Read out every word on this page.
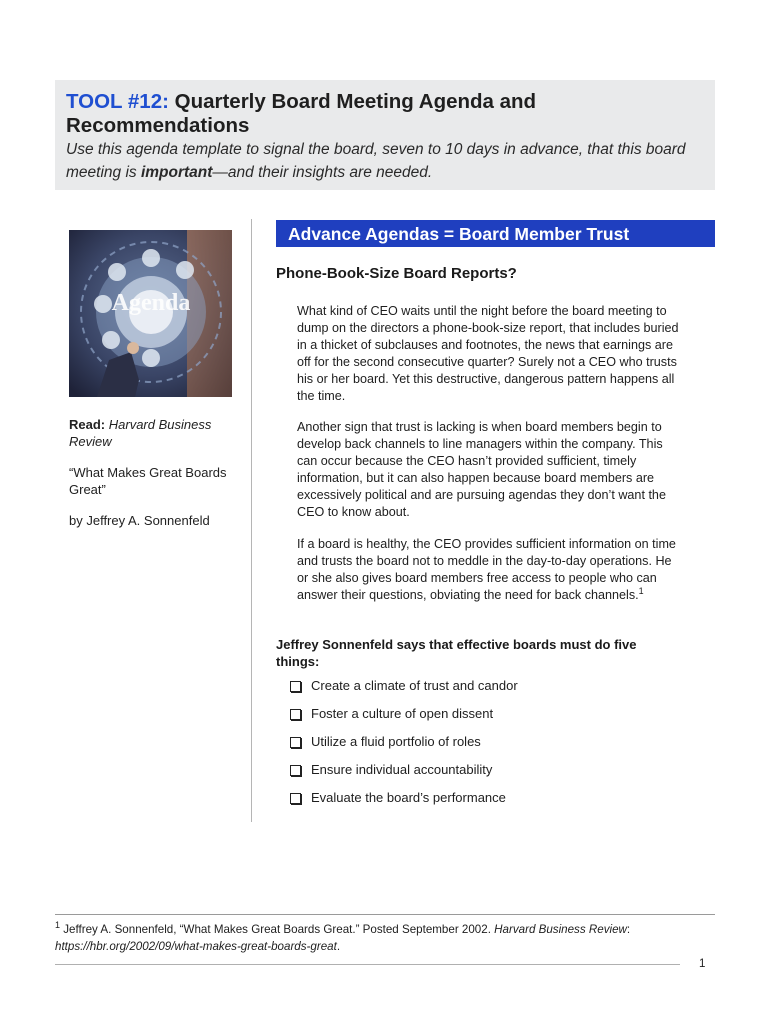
TOOL #12: Quarterly Board Meeting Agenda and Recommendations
Use this agenda template to signal the board, seven to 10 days in advance, that this board meeting is important—and their insights are needed.
Agenda

Read: Harvard Business Review

“What Makes Great Boards Great”

by Jeffrey A. Sonnenfeld

Advance Agendas = Board Member Trust
Phone-Book-Size Board Reports?

What kind of CEO waits until the night before the board meeting to dump on the directors a phone-book-size report, that includes buried in a thicket of subclauses and footnotes, the news that earnings are off for the second consecutive quarter? Surely not a CEO who trusts his or her board. Yet this destructive, dangerous pattern happens all the time.

Another sign that trust is lacking is when board members begin to develop back channels to line managers within the company. This can occur because the CEO hasn’t provided sufficient, timely information, but it can also happen because board members are excessively political and are pursuing agendas they don’t want the CEO to know about.

If a board is healthy, the CEO provides sufficient information on time and trusts the board not to meddle in the day-to-day operations. He or she also gives board members free access to people who can answer their questions, obviating the need for back channels.$^1$

Jeffrey Sonnenfeld says that effective boards must do five things:
Create a climate of trust and candor
Foster a culture of open dissent
Utilize a fluid portfolio of roles
Ensure individual accountability
Evaluate the board’s performance
$^1$ Jeffrey A. Sonnenfeld, “What Makes Great Boards Great.” Posted September 2002. Harvard Business Review: https://hbr.org/2002/09/what-makes-great-boards-great.
1
